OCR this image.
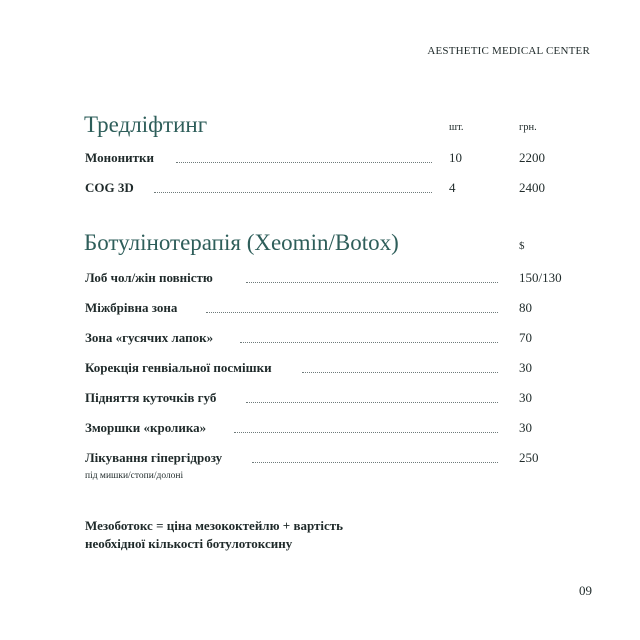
AESTHETIC MEDICAL CENTER
Тредліфтинг	шт.	грн.
Мононитки	10	2200
COG 3D	4	2400
Ботулінотерапія (Xeomin/Botox)	$
Лоб чол/жін повністю	150/130
Міжбрівна зона	80
Зона «гусячих лапок»	70
Корекція генвіальної посмішки	30
Підняття куточків губ	30
Зморшки «кролика»	30
Лікування гіпергідрозу	250
під мишки/стопи/долоні
Мезоботокс = ціна мезококтейлю + вартість
необхідної кількості ботулотоксину
09
